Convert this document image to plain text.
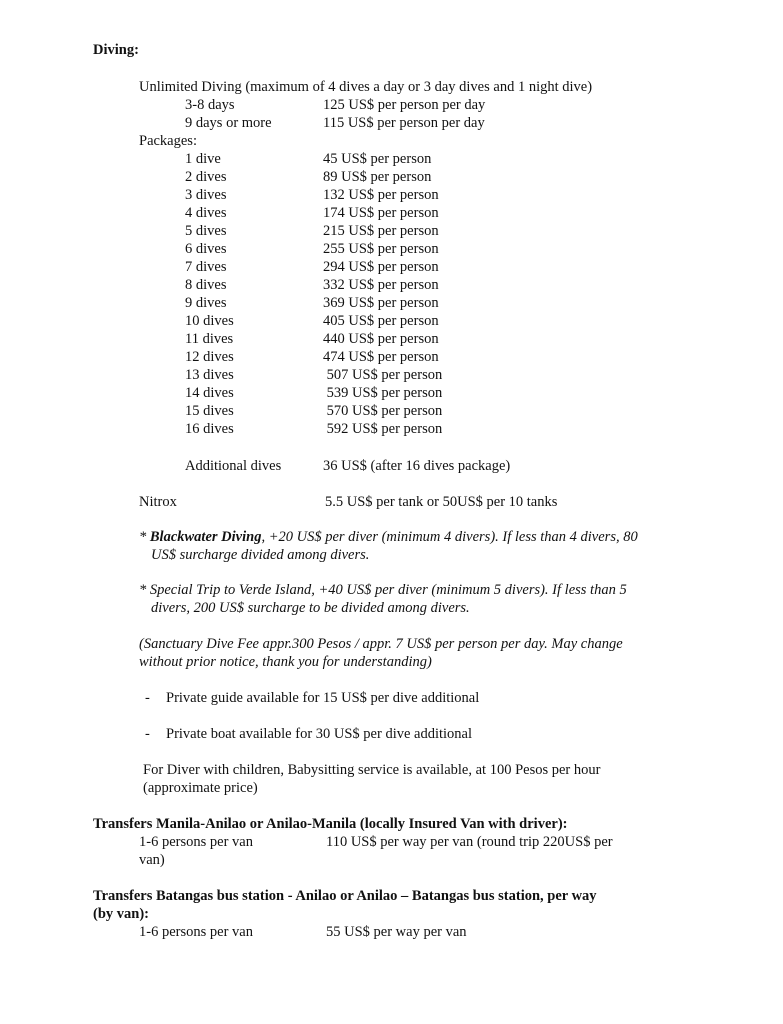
Diving:
Unlimited Diving (maximum of 4 dives a day or 3 day dives and 1 night dive)
3-8 days	125 US$ per person per day
9 days or more	115 US$ per person per day
Packages:
1 dive	45 US$ per person
2 dives	89 US$ per person
3 dives	132 US$ per person
4 dives	174 US$ per person
5 dives	215 US$ per person
6 dives	255 US$ per person
7 dives	294 US$ per person
8 dives	332 US$ per person
9 dives	369 US$ per person
10 dives	405 US$ per person
11 dives	440 US$ per person
12 dives	474 US$ per person
13 dives	507 US$ per person
14 dives	539 US$ per person
15 dives	570 US$ per person
16 dives	592 US$ per person
Additional dives	36 US$ (after 16 dives package)
Nitrox	5.5 US$ per tank or 50US$ per 10 tanks
* Blackwater Diving, +20 US$ per diver (minimum 4 divers). If less than 4 divers, 80 US$ surcharge divided among divers.
* Special Trip to Verde Island, +40 US$ per diver (minimum 5 divers). If less than 5 divers, 200 US$ surcharge to be divided among divers.
(Sanctuary Dive Fee appr.300 Pesos / appr. 7 US$ per person per day. May change without prior notice, thank you for understanding)
- Private guide available for 15 US$ per dive additional
- Private boat available for 30 US$ per dive additional
For Diver with children, Babysitting service is available, at 100 Pesos per hour (approximate price)
Transfers Manila-Anilao or Anilao-Manila (locally Insured Van with driver):
1-6 persons per van	110 US$ per way per van (round trip 220US$ per
van)
Transfers Batangas bus station - Anilao or Anilao – Batangas bus station, per way
(by van):
1-6 persons per van	55 US$ per way per van
